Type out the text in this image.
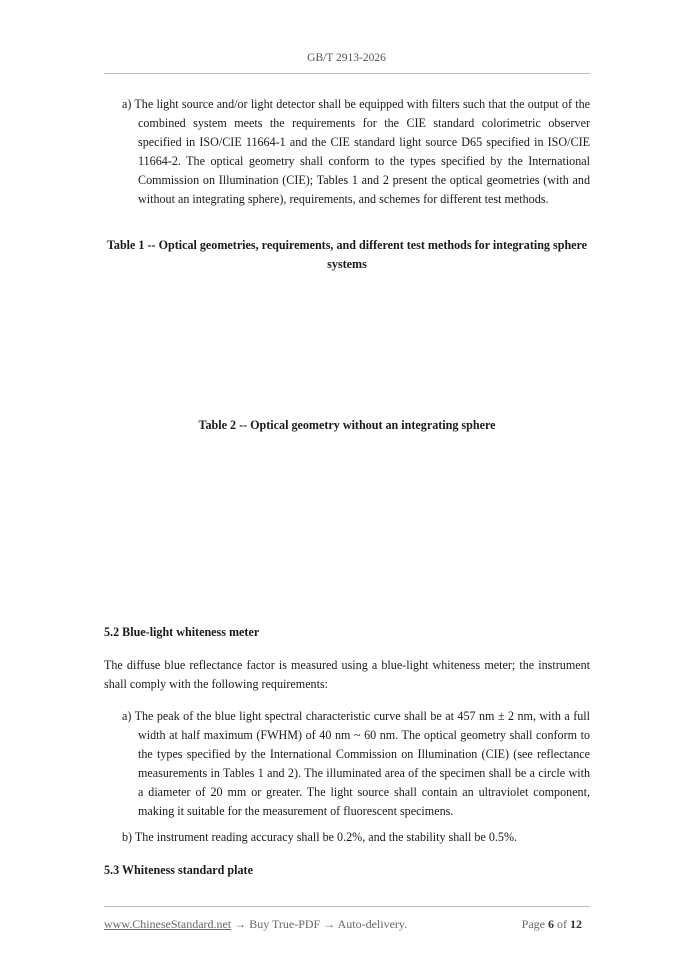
GB/T 2913-2026

a) The light source and/or light detector shall be equipped with filters such that the output of the combined system meets the requirements for the CIE standard colorimetric observer specified in ISO/CIE 11664-1 and the CIE standard light source D65 specified in ISO/CIE 11664-2. The optical geometry shall conform to the types specified by the International Commission on Illumination (CIE); Tables 1 and 2 present the optical geometries (with and without an integrating sphere), requirements, and schemes for different test methods.

Table 1 -- Optical geometries, requirements, and different test methods for integrating sphere systems

Table 2 -- Optical geometry without an integrating sphere

5.2 Blue-light whiteness meter

The diffuse blue reflectance factor is measured using a blue-light whiteness meter; the instrument shall comply with the following requirements:

a) The peak of the blue light spectral characteristic curve shall be at 457 nm ± 2 nm, with a full width at half maximum (FWHM) of 40 nm ~ 60 nm. The optical geometry shall conform to the types specified by the International Commission on Illumination (CIE) (see reflectance measurements in Tables 1 and 2). The illuminated area of the specimen shall be a circle with a diameter of 20 mm or greater. The light source shall contain an ultraviolet component, making it suitable for the measurement of fluorescent specimens.

b) The instrument reading accuracy shall be 0.2%, and the stability shall be 0.5%.

5.3 Whiteness standard plate

www.ChineseStandard.net → Buy True-PDF → Auto-delivery.	Page 6 of 12
